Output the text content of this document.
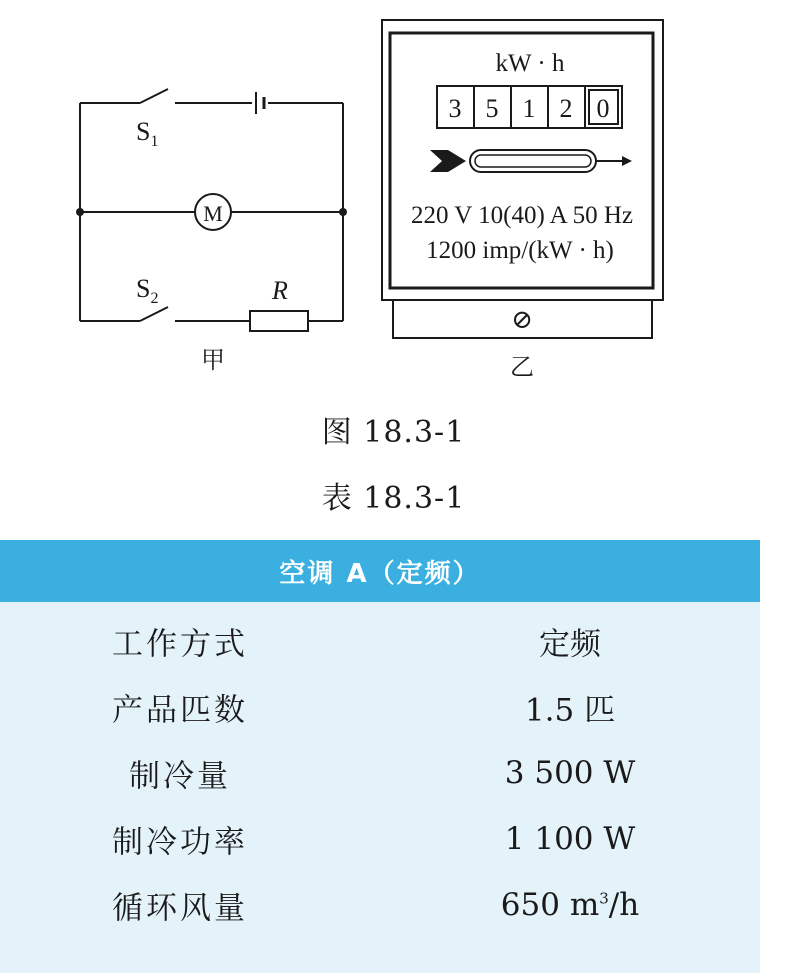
M
$S_1$
$S_2$	R
甲
kW · h
3 5 1 2 0
220 V 10(40) A 50 Hz
1200 imp/(kW · h)
⊘
乙
图 18.3-1
表 18.3-1
空调 A（定频）
工作方式	定频
产品匹数	1.5 匹
制冷量	3 500 W
制冷功率	1 100 W
循环风量	650 $m^3/h$
